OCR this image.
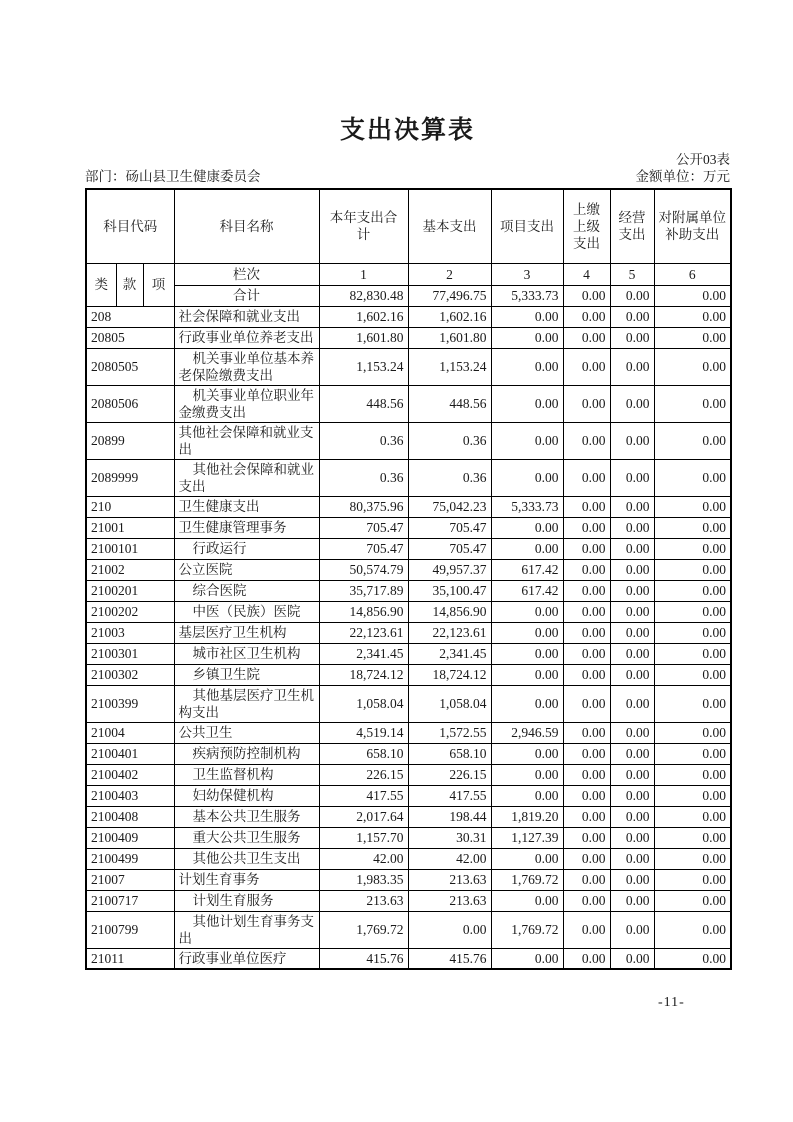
支出决算表
公开03表
部门：砀山县卫生健康委员会	金额单位：万元
科目代码			科目名称	本年支出合计	基本支出	项目支出	上缴上级支出	经营支出	对附属单位补助支出
类	款	项	栏次	1	2	3	4	5	6
			合计	82,830.48	77,496.75	5,333.73	0.00	0.00	0.00
208			社会保障和就业支出	1,602.16	1,602.16	0.00	0.00	0.00	0.00
20805			行政事业单位养老支出	1,601.80	1,601.80	0.00	0.00	0.00	0.00
2080505			机关事业单位基本养老保险缴费支出	1,153.24	1,153.24	0.00	0.00	0.00	0.00
2080506			机关事业单位职业年金缴费支出	448.56	448.56	0.00	0.00	0.00	0.00
20899			其他社会保障和就业支出	0.36	0.36	0.00	0.00	0.00	0.00
2089999			其他社会保障和就业支出	0.36	0.36	0.00	0.00	0.00	0.00
210			卫生健康支出	80,375.96	75,042.23	5,333.73	0.00	0.00	0.00
21001			卫生健康管理事务	705.47	705.47	0.00	0.00	0.00	0.00
2100101			行政运行	705.47	705.47	0.00	0.00	0.00	0.00
21002			公立医院	50,574.79	49,957.37	617.42	0.00	0.00	0.00
2100201			综合医院	35,717.89	35,100.47	617.42	0.00	0.00	0.00
2100202			中医（民族）医院	14,856.90	14,856.90	0.00	0.00	0.00	0.00
21003			基层医疗卫生机构	22,123.61	22,123.61	0.00	0.00	0.00	0.00
2100301			城市社区卫生机构	2,341.45	2,341.45	0.00	0.00	0.00	0.00
2100302			乡镇卫生院	18,724.12	18,724.12	0.00	0.00	0.00	0.00
2100399			其他基层医疗卫生机构支出	1,058.04	1,058.04	0.00	0.00	0.00	0.00
21004			公共卫生	4,519.14	1,572.55	2,946.59	0.00	0.00	0.00
2100401			疾病预防控制机构	658.10	658.10	0.00	0.00	0.00	0.00
2100402			卫生监督机构	226.15	226.15	0.00	0.00	0.00	0.00
2100403			妇幼保健机构	417.55	417.55	0.00	0.00	0.00	0.00
2100408			基本公共卫生服务	2,017.64	198.44	1,819.20	0.00	0.00	0.00
2100409			重大公共卫生服务	1,157.70	30.31	1,127.39	0.00	0.00	0.00
2100499			其他公共卫生支出	42.00	42.00	0.00	0.00	0.00	0.00
21007			计划生育事务	1,983.35	213.63	1,769.72	0.00	0.00	0.00
2100717			计划生育服务	213.63	213.63	0.00	0.00	0.00	0.00
2100799			其他计划生育事务支出	1,769.72	0.00	1,769.72	0.00	0.00	0.00
21011			行政事业单位医疗	415.76	415.76	0.00	0.00	0.00	0.00
-11-
